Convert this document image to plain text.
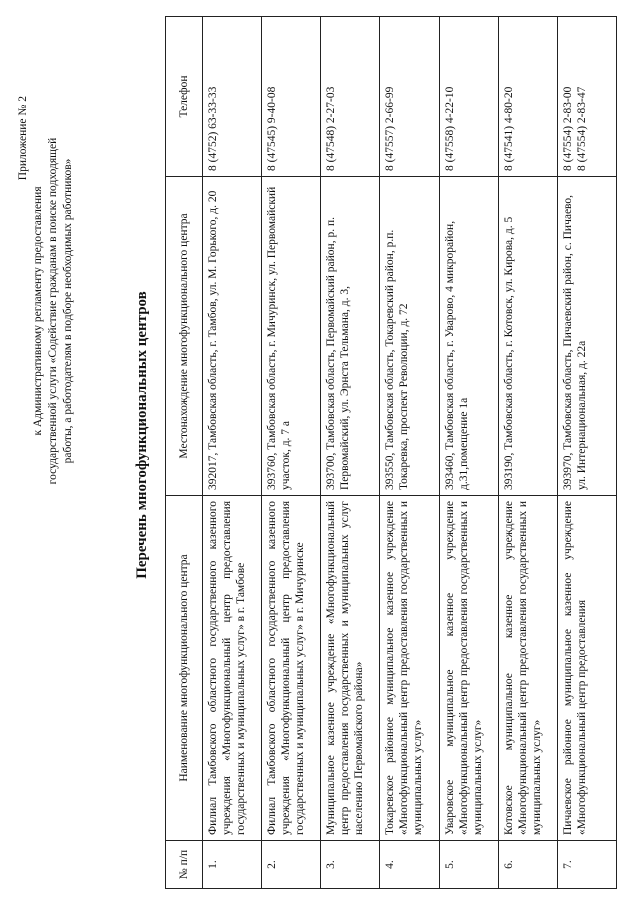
Приложение № 2
к Административному регламенту предоставления государственной услуги «Содействие гражданам в поиске подходящей работы, а работодателям в подборе необходимых работников»	Перечень многофункциональных центров
№ п/п	Наименование многофункционального центра	Местонахождение многофункционального центра	Телефон
1.	Филиал Тамбовского областного государственного казенного учреждения «Многофункциональный центр предоставления государственных и муниципальных услуг» в г. Тамбове	392017, Тамбовская область, г. Тамбов, ул. М. Горького, д. 20	8 (4752) 63-33-33
2.	Филиал Тамбовского областного государственного казенного учреждения «Многофункциональный центр предоставления государственных и муниципальных услуг» в г. Мичуринске	393760, Тамбовская область, г. Мичуринск, ул. Первомайский участок, д. 7 а	8 (47545) 9-40-08
3.	Муниципальное казенное учреждение «Многофункциональный центр предоставления государственных и муниципальных услуг населению Первомайского района»	393700, Тамбовская область, Первомайский район, р. п. Первомайский, ул. Эрнста Тельмана, д. 3,	8 (47548) 2-27-03
4.	Токаревское районное муниципальное казенное учреждение «Многофункциональный центр предоставления государственных и муниципальных услуг»	393550, Тамбовская область, Токаревский район, р.п. Токаревка, проспект Революции, д. 72	8 (47557) 2-66-99
5.	Уваровское муниципальное казенное учреждение «Многофункциональный центр предоставления государственных и муниципальных услуг»	393460, Тамбовская область, г. Уварово, 4 микрорайон, д.31,помещение 1а	8 (47558) 4-22-10
6.	Котовское муниципальное казенное учреждение «Многофункциональный центр предоставления государственных и муниципальных услуг»	393190, Тамбовская область, г. Котовск, ул. Кирова, д. 5	8 (47541) 4-80-20
7.	Пичаевское районное муниципальное казенное учреждение «Многофункциональный центр предоставления	393970, Тамбовская область, Пичаевский район, с. Пичаево, ул. Интернациональная, д. 22а	8 (47554) 2-83-00 8 (47554) 2-83-47
